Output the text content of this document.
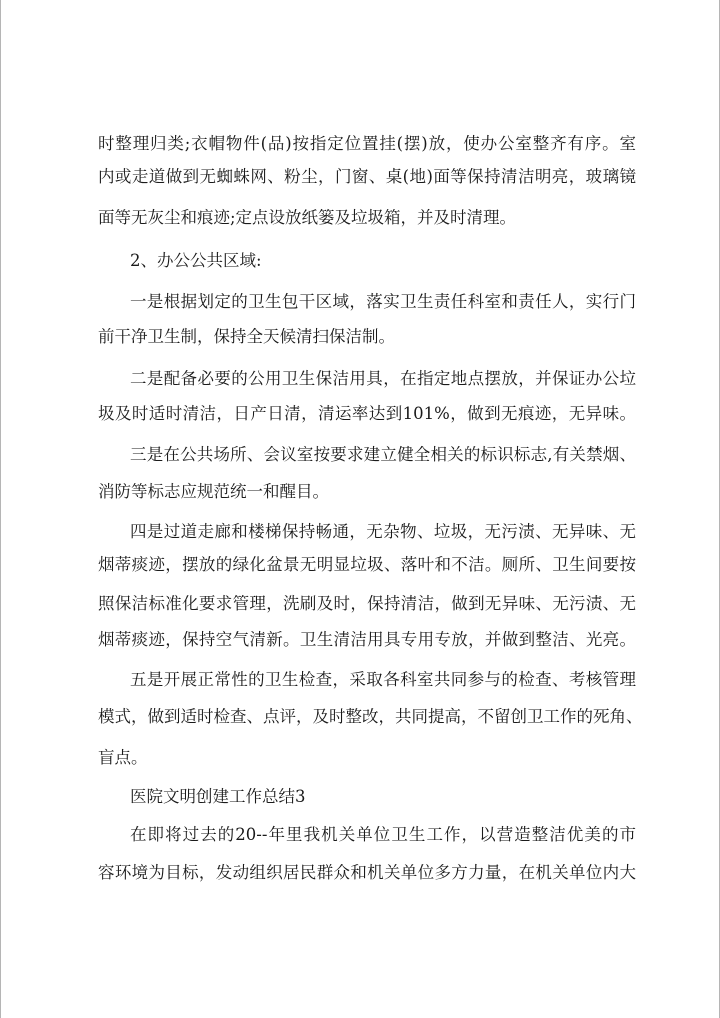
时整理归类;衣帽物件(品)按指定位置挂(摆)放，使办公室整齐有序。室
内或走道做到无蜘蛛网、粉尘，门窗、桌(地)面等保持清洁明亮，玻璃镜
面等无灰尘和痕迹;定点设放纸篓及垃圾箱，并及时清理。
2、办公公共区域:
一是根据划定的卫生包干区域，落实卫生责任科室和责任人，实行门
前干净卫生制，保持全天候清扫保洁制。
二是配备必要的公用卫生保洁用具，在指定地点摆放，并保证办公垃
圾及时适时清洁，日产日清，清运率达到101%，做到无痕迹，无异味。
三是在公共场所、会议室按要求建立健全相关的标识标志,有关禁烟、
消防等标志应规范统一和醒目。
四是过道走廊和楼梯保持畅通，无杂物、垃圾，无污渍、无异味、无
烟蒂痰迹，摆放的绿化盆景无明显垃圾、落叶和不洁。厕所、卫生间要按
照保洁标准化要求管理，洗刷及时，保持清洁，做到无异味、无污渍、无
烟蒂痰迹，保持空气清新。卫生清洁用具专用专放，并做到整洁、光亮。
五是开展正常性的卫生检查，采取各科室共同参与的检查、考核管理
模式，做到适时检查、点评，及时整改，共同提高，不留创卫工作的死角、
盲点。
医院文明创建工作总结3
在即将过去的20--年里我机关单位卫生工作，以营造整洁优美的市
容环境为目标，发动组织居民群众和机关单位多方力量，在机关单位内大
